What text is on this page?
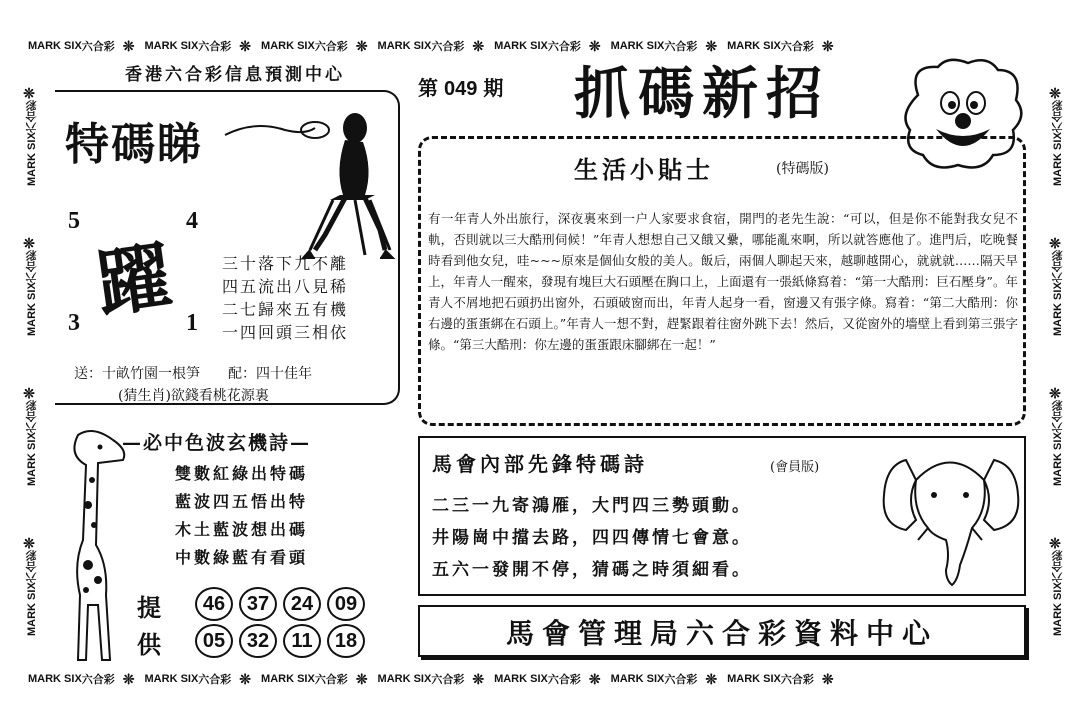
MARK SIX 六合彩 ❊ MARK SIX 六合彩 ❊ MARK SIX 六合彩 ❊ MARK SIX 六合彩 ❊ MARK SIX 六合彩 ❊ MARK SIX 六合彩 ❊ MARK SIX 六合彩 ❊
MARK SIX 六合彩 ❊ MARK SIX 六合彩 ❊ MARK SIX 六合彩 ❊ MARK SIX 六合彩 ❊ MARK SIX 六合彩 ❊ MARK SIX 六合彩 ❊ MARK SIX 六合彩 ❊
MARK SIX
六合彩
❊
MARK SIX
六合彩
❊
MARK SIX
六合彩
❊
MARK SIX
六合彩
❊
MARK SIX
六合彩
❊
MARK SIX
六合彩
❊
MARK SIX
六合彩
❊
MARK SIX
六合彩
❊
香港六合彩信息預測中心
特碼睇
5	4
3	1
躍	三十落下九不離
四五流出八見稀
二七歸來五有機
一四回頭三相依
送：十畝竹園一根笋　　配：四十佳年
(猜生肖)欲錢看桃花源裏
—必中色波玄機詩—
雙數紅綠出特碼
藍波四五悟出特
木土藍波想出碼
中數綠藍有看頭
提
供
46	37	24	09
05	32	11	18
第 049 期 抓碼新招
生活小貼士	(特碼版)
有一年青人外出旅行，深夜裏來到一户人家要求食宿，開門的老先生說：“可以，但是你不能對我女兒不軌，否則就以三大酷刑伺候！”年青人想想自己又餓又纍，哪能亂來啊，所以就答應他了。進門后，吃晚餐時看到他女兒，哇~~~原來是個仙女般的美人。飯后，兩個人聊起天來，越聊越開心，就就就……隔天早上，年青人一醒來，發現有塊巨大石頭壓在胸口上，上面還有一張紙條寫着：“第一大酷刑：巨石壓身”。年青人不屑地把石頭扔出窗外，石頭破窗而出，年青人起身一看，窗邊又有張字條。寫着：“第二大酷刑：你右邊的蛋蛋綁在石頭上。”年青人一想不對，趕緊跟着往窗外跳下去！然后，又從窗外的墻壁上看到第三張字條。“第三大酷刑：你左邊的蛋蛋跟床腳綁在一起！”
馬會內部先鋒特碼詩	(會員版)
二三一九寄鴻雁，大門四三勢頭動。
井陽崗中擋去路，四四傳情七會意。
五六一發開不停，猜碼之時須細看。
馬會管理局六合彩資料中心
